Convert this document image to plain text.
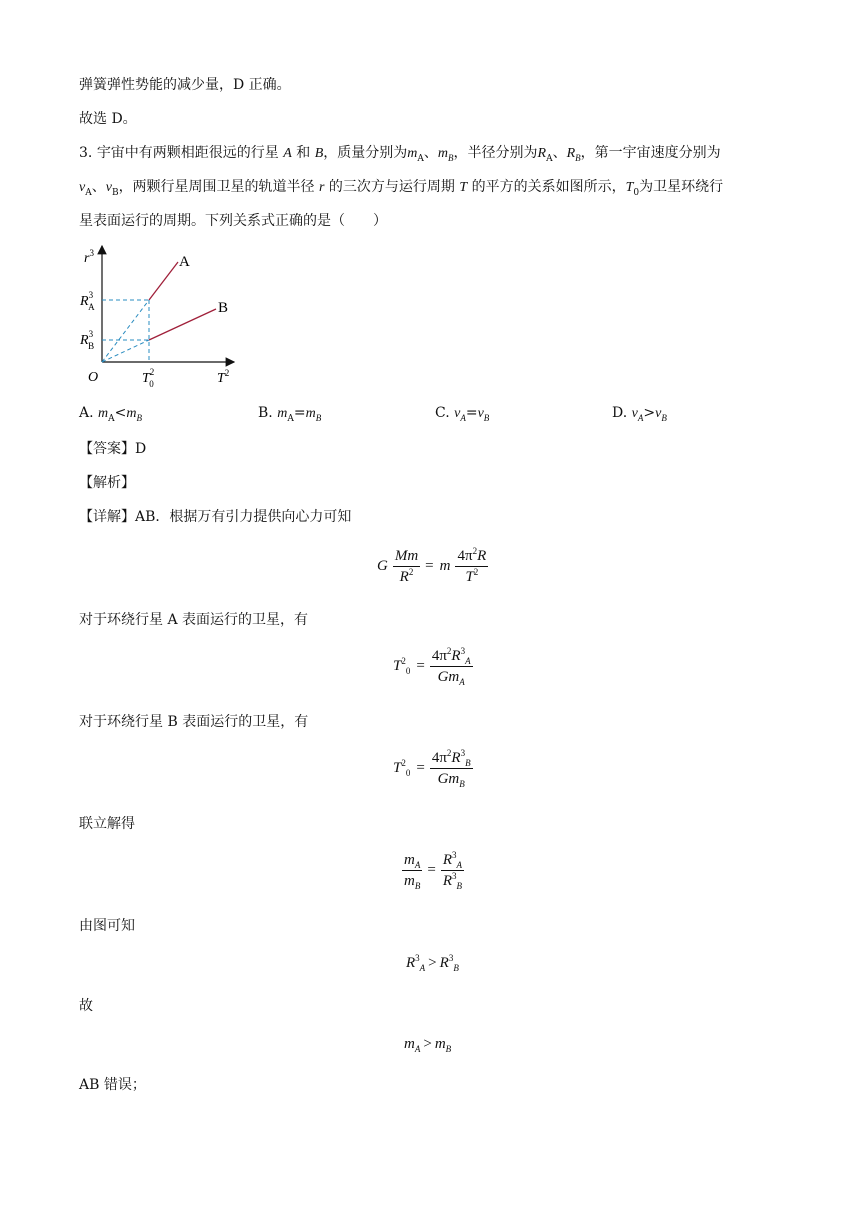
弹簧弹性势能的减少量，D 正确。
故选 D。
3. 宇宙中有两颗相距很远的行星 A 和 B，质量分别为$m_A$、$m_B$，半径分别为$R_A$、$R_B$，第一宇宙速度分别为
$v_A$、$v_B$，两颗行星周围卫星的轨道半径 r 的三次方与运行周期 T 的平方的关系如图所示，$T_0$为卫星环绕行
星表面运行的周期。下列关系式正确的是（　　）
$r^3$
$T^2$
O
$R^3$ A
$R^3$ B
$T^2$ 0
A
B
A. $m_A<m_B$	B. $m_A=m_B$	C. $v_A=v_B$	D. $v_A>v_B$
【答案】D
【解析】
【详解】AB．根据万有引力提供向心力可知
G $\frac{Mm}{R^2} = m \frac{4\pi^2R}{T^2}$
对于环绕行星 A 表面运行的卫星，有
$T^2_0 = \frac{4\pi^2R^3_A}{Gm_A}$
对于环绕行星 B 表面运行的卫星，有
$T^2_0 = \frac{4\pi^2R^3_B}{Gm_B}$
联立解得
$\frac{m_A}{m_B} = \frac{R^3_A}{R^3_B}$
由图可知
$R^3_A > R^3_B$
故
$m_A > m_B$
AB 错误；
